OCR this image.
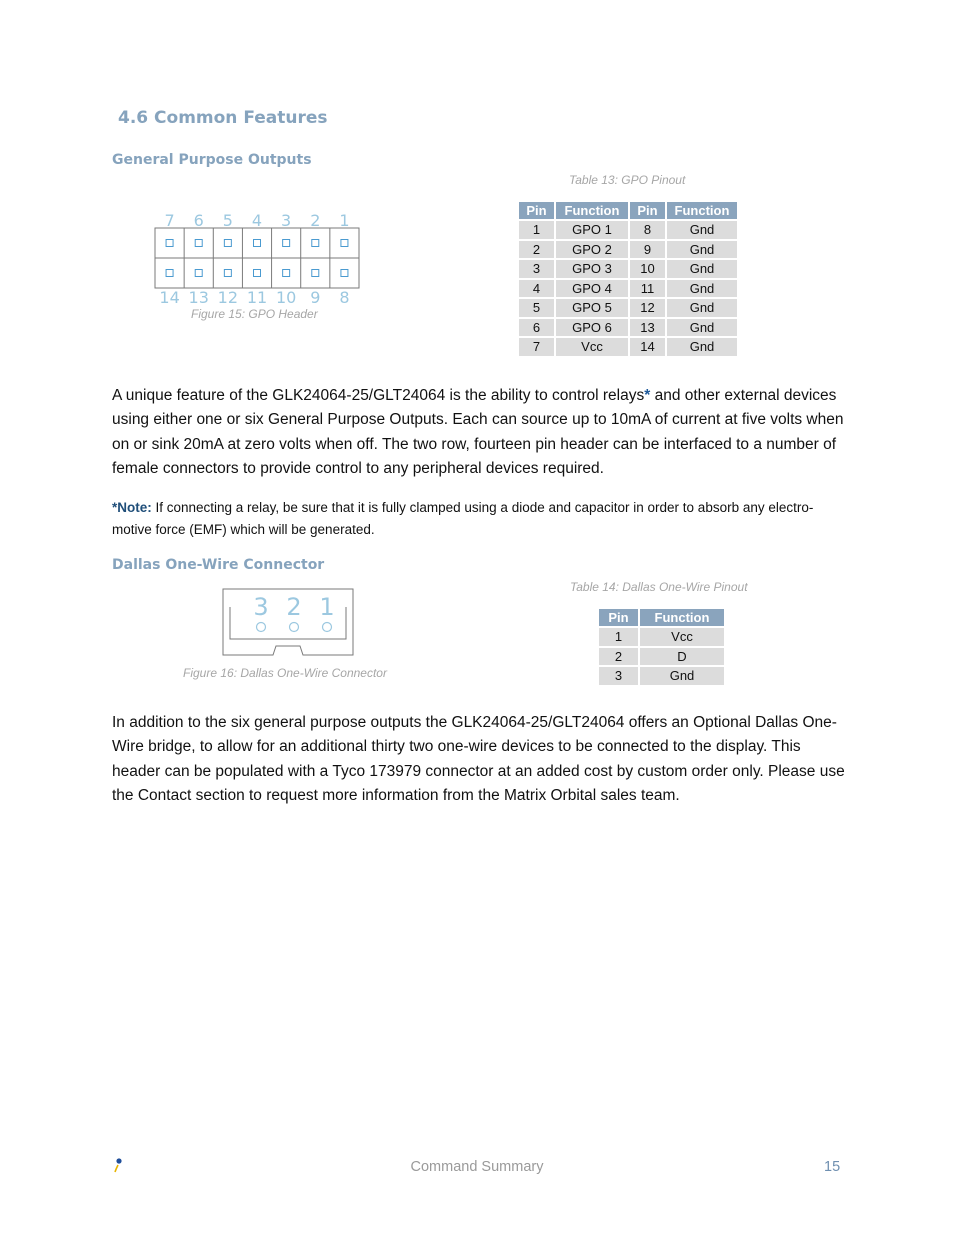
4.6 Common Features
General Purpose Outputs
Table 13: GPO Pinout
7 6 5 4 3 2 1
14 13 12 11 10 9 8
Figure 15: GPO Header
Pin	Function	Pin	Function
1	GPO 1	8	Gnd
2	GPO 2	9	Gnd
3	GPO 3	10	Gnd
4	GPO 4	11	Gnd
5	GPO 5	12	Gnd
6	GPO 6	13	Gnd
7	Vcc	14	Gnd

A unique feature of the GLK24064-25/GLT24064 is the ability to control relays* and other external devices using either one or six General Purpose Outputs. Each can source up to 10mA of current at five volts when on or sink 20mA at zero volts when off. The two row, fourteen pin header can be interfaced to a number of female connectors to provide control to any peripheral devices required.

*Note: If connecting a relay, be sure that it is fully clamped using a diode and capacitor in order to absorb any electro-motive force (EMF) which will be generated.

Dallas One-Wire Connector
Table 14: Dallas One-Wire Pinout
3 2 1
Figure 16: Dallas One-Wire Connector
Pin	Function
1	Vcc
2	D
3	Gnd

In addition to the six general purpose outputs the GLK24064-25/GLT24064 offers an Optional Dallas One-Wire bridge, to allow for an additional thirty two one-wire devices to be connected to the display. This header can be populated with a Tyco 173979 connector at an added cost by custom order only. Please use the Contact section to request more information from the Matrix Orbital sales team.

Command Summary	15
